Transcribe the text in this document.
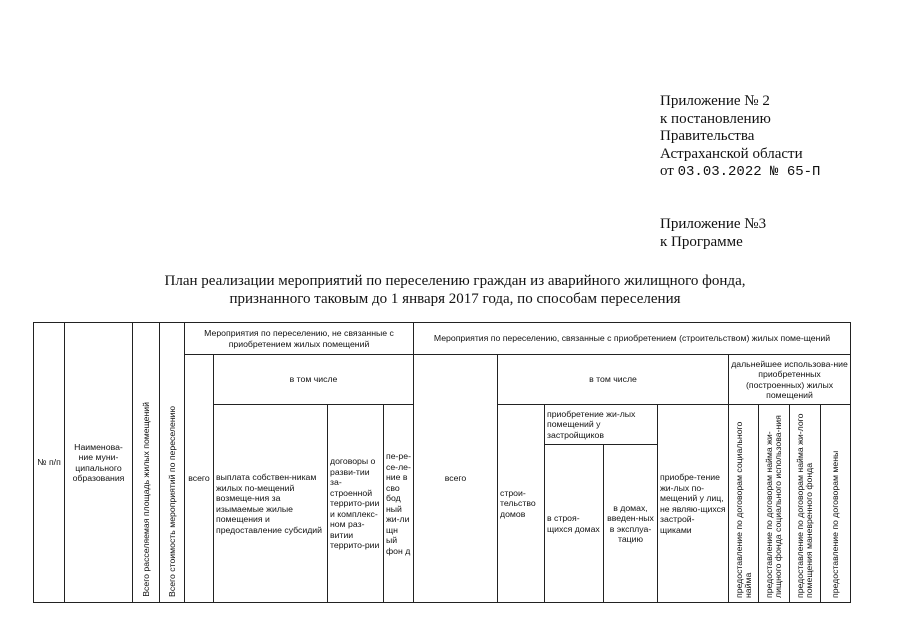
Приложение № 2
к постановлению
Правительства
Астраханской области
от 03.03.2022 № 65-П
Приложение №3
к Программе
План реализации мероприятий по переселению граждан из аварийного жилищного фонда,
признанного таковым до 1 января 2017 года, по способам переселения
№ п/п	Наименова-ние муни-ципального образования	Всего расселяемая площадь жилых помещений	Всего стоимость мероприятий по переселению	Мероприятия по переселению, не связанные с приобретением жилых помещений				Мероприятия по переселению, связанные с приобретением (строительством) жилых поме-щений								
				всего	в том числе			всего	в том числе				дальнейшее использова-ние приобретенных (построенных) жилых помещений			
					выплата собствен-никам жилых по-мещений возмеще-ния за изымаемые жилые помещения и предоставление субсидий	договоры о разви-тии за-строенной террито-рии и комплекс-ном раз-витии террито-рии	пе-ре-се-ле-ние в сво бод ный жи-ли щн ый фон д		строи-тельство домов	приобретение жи-лых помещений у застройщиков		приобре-тение жи-лых по-мещений у лиц, не являю-щихся застрой-щиками	предоставление по договорам социального найма	предоставление по договорам найма жи-лищного фонда социального использова-ния	предоставление по договорам найма жи-лого помещения маневренного фонда	предоставление по договорам мены
										в строя-щихся домах	в домах, введен-ных в эксплуа-тацию					
